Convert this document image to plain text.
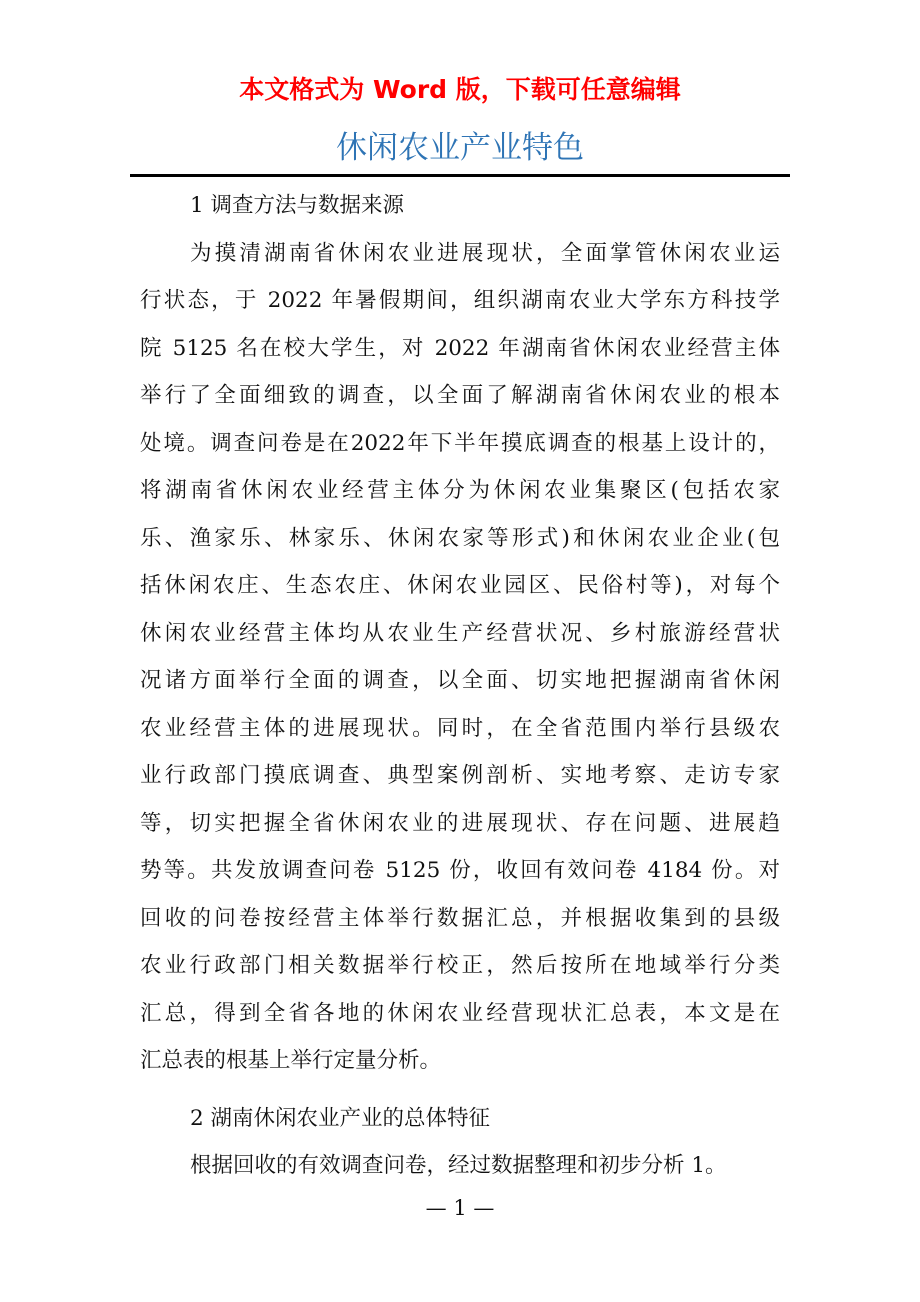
本文格式为 Word 版，下载可任意编辑
休闲农业产业特色
1 调查方法与数据来源
为摸清湖南省休闲农业进展现状，全面掌管休闲农业运
行状态，于 2022 年暑假期间，组织湖南农业大学东方科技学
院 5125 名在校大学生，对 2022 年湖南省休闲农业经营主体
举行了全面细致的调查，以全面了解湖南省休闲农业的根本
处境。调查问卷是在2022年下半年摸底调查的根基上设计的，
将湖南省休闲农业经营主体分为休闲农业集聚区(包括农家
乐、渔家乐、林家乐、休闲农家等形式)和休闲农业企业(包
括休闲农庄、生态农庄、休闲农业园区、民俗村等)，对每个
休闲农业经营主体均从农业生产经营状况、乡村旅游经营状
况诸方面举行全面的调查，以全面、切实地把握湖南省休闲
农业经营主体的进展现状。同时，在全省范围内举行县级农
业行政部门摸底调查、典型案例剖析、实地考察、走访专家
等，切实把握全省休闲农业的进展现状、存在问题、进展趋
势等。共发放调查问卷 5125 份，收回有效问卷 4184 份。对
回收的问卷按经营主体举行数据汇总，并根据收集到的县级
农业行政部门相关数据举行校正，然后按所在地域举行分类
汇总，得到全省各地的休闲农业经营现状汇总表，本文是在
汇总表的根基上举行定量分析。
2 湖南休闲农业产业的总体特征
根据回收的有效调查问卷，经过数据整理和初步分析 1。
— 1 —
